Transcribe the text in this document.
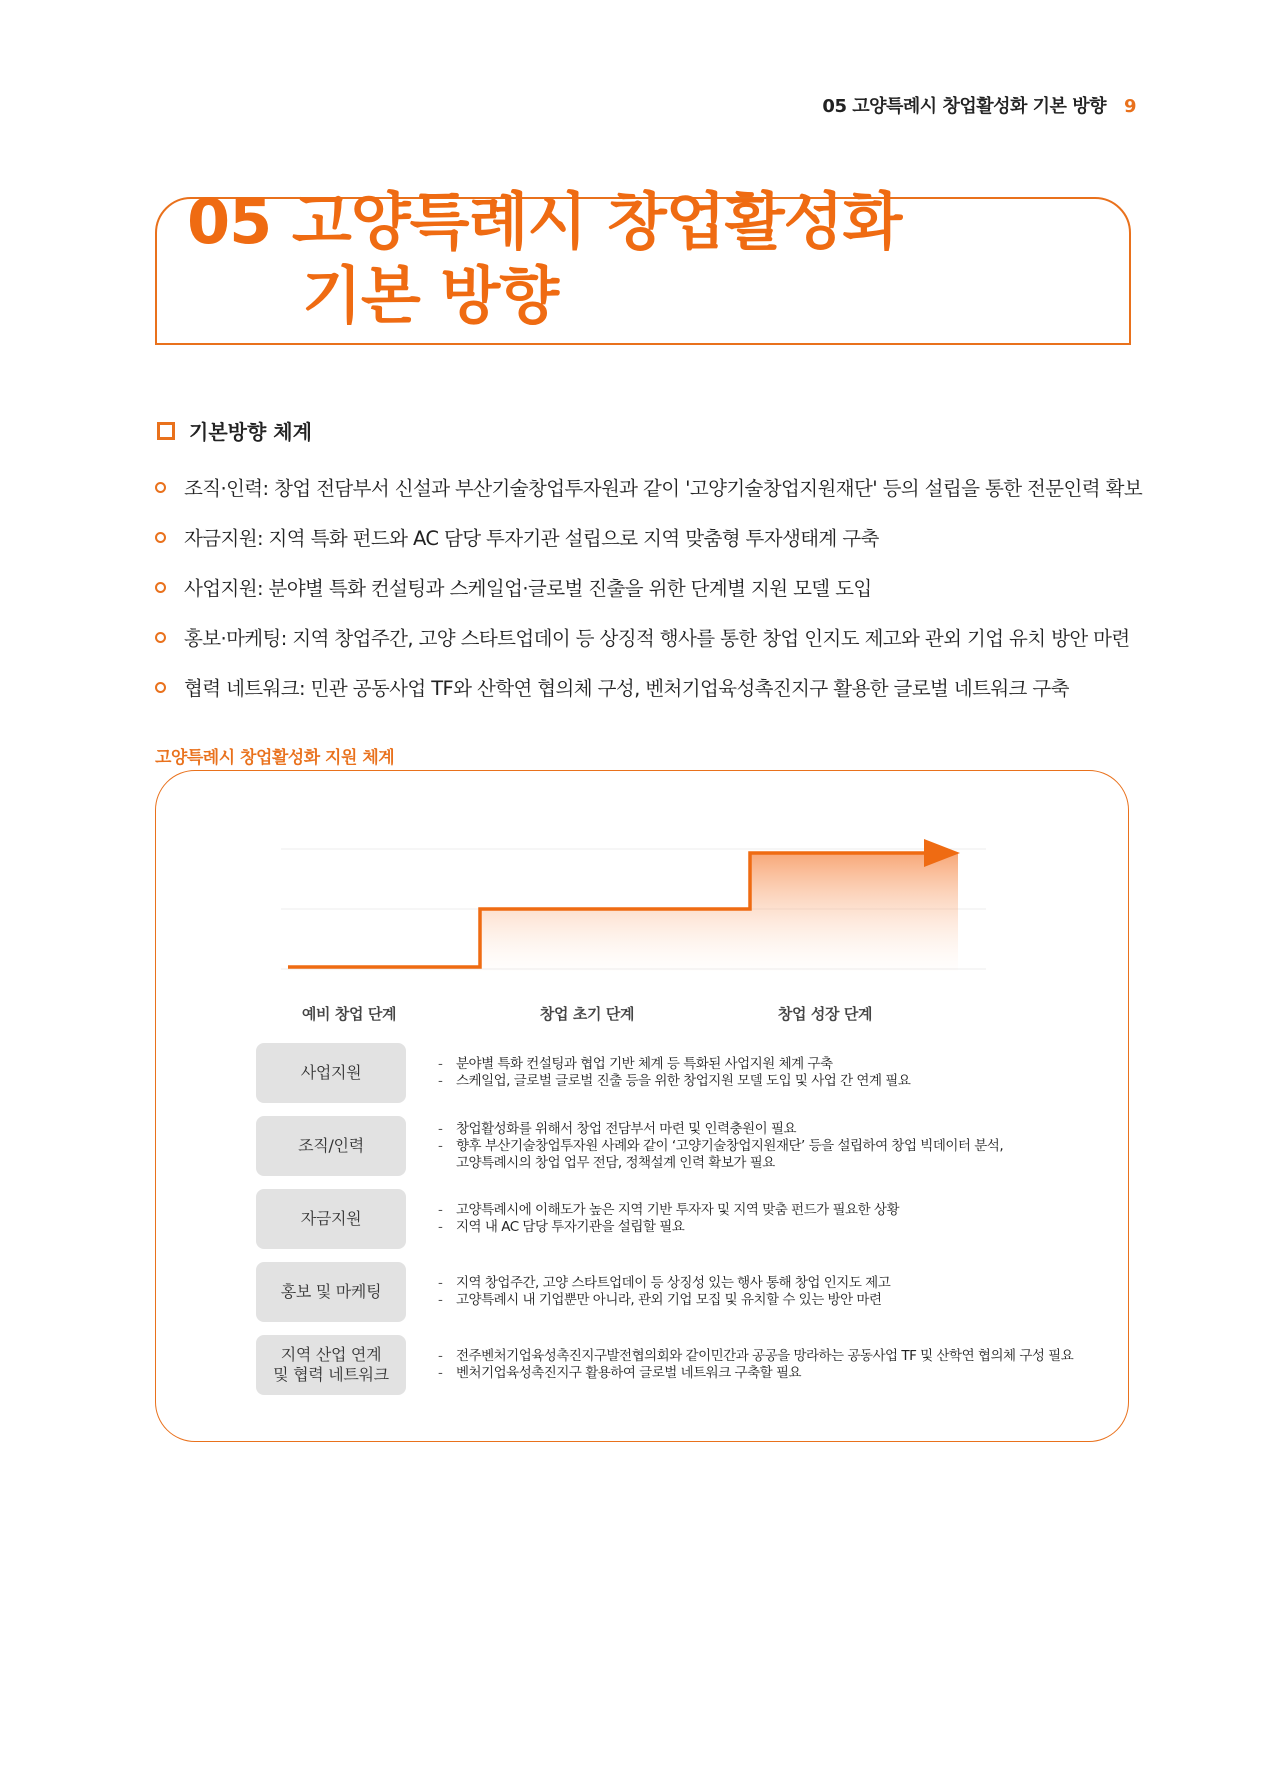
05 고양특례시 창업활성화 기본 방향 9
05 고양특례시 창업활성화
기본 방향
기본방향 체계
조직·인력: 창업 전담부서 신설과 부산기술창업투자원과 같이 '고양기술창업지원재단' 등의 설립을 통한 전문인력 확보
자금지원: 지역 특화 펀드와 AC 담당 투자기관 설립으로 지역 맞춤형 투자생태계 구축
사업지원: 분야별 특화 컨설팅과 스케일업·글로벌 진출을 위한 단계별 지원 모델 도입
홍보·마케팅: 지역 창업주간, 고양 스타트업데이 등 상징적 행사를 통한 창업 인지도 제고와 관외 기업 유치 방안 마련
협력 네트워크: 민관 공동사업 TF와 산학연 협의체 구성, 벤처기업육성촉진지구 활용한 글로벌 네트워크 구축
고양특례시 창업활성화 지원 체계
예비 창업 단계	창업 초기 단계	창업 성장 단계
사업지원	-	분야별 특화 컨설팅과 협업 기반 체계 등 특화된 사업지원 체계 구축
-	스케일업, 글로벌 글로벌 진출 등을 위한 창업지원 모델 도입 및 사업 간 연계 필요
조직/인력
-	창업활성화를 위해서 창업 전담부서 마련 및 인력충원이 필요
-	향후 부산기술창업투자원 사례와 같이 ‘고양기술창업지원재단’ 등을 설립하여 창업 빅데이터 분석,
고양특례시의 창업 업무 전담, 정책설계 인력 확보가 필요
자금지원	-	고양특례시에 이해도가 높은 지역 기반 투자자 및 지역 맞춤 펀드가 필요한 상황
-	지역 내 AC 담당 투자기관을 설립할 필요
홍보 및 마케팅	-	지역 창업주간, 고양 스타트업데이 등 상징성 있는 행사 통해 창업 인지도 제고
-	고양특례시 내 기업뿐만 아니라, 관외 기업 모집 및 유치할 수 있는 방안 마련
지역 산업 연계
및 협력 네트워크
-	전주벤처기업육성촉진지구발전협의회와 같이민간과 공공을 망라하는 공동사업 TF 및 산학연 협의체 구성 필요
-	벤처기업육성촉진지구 활용하여 글로벌 네트워크 구축할 필요
